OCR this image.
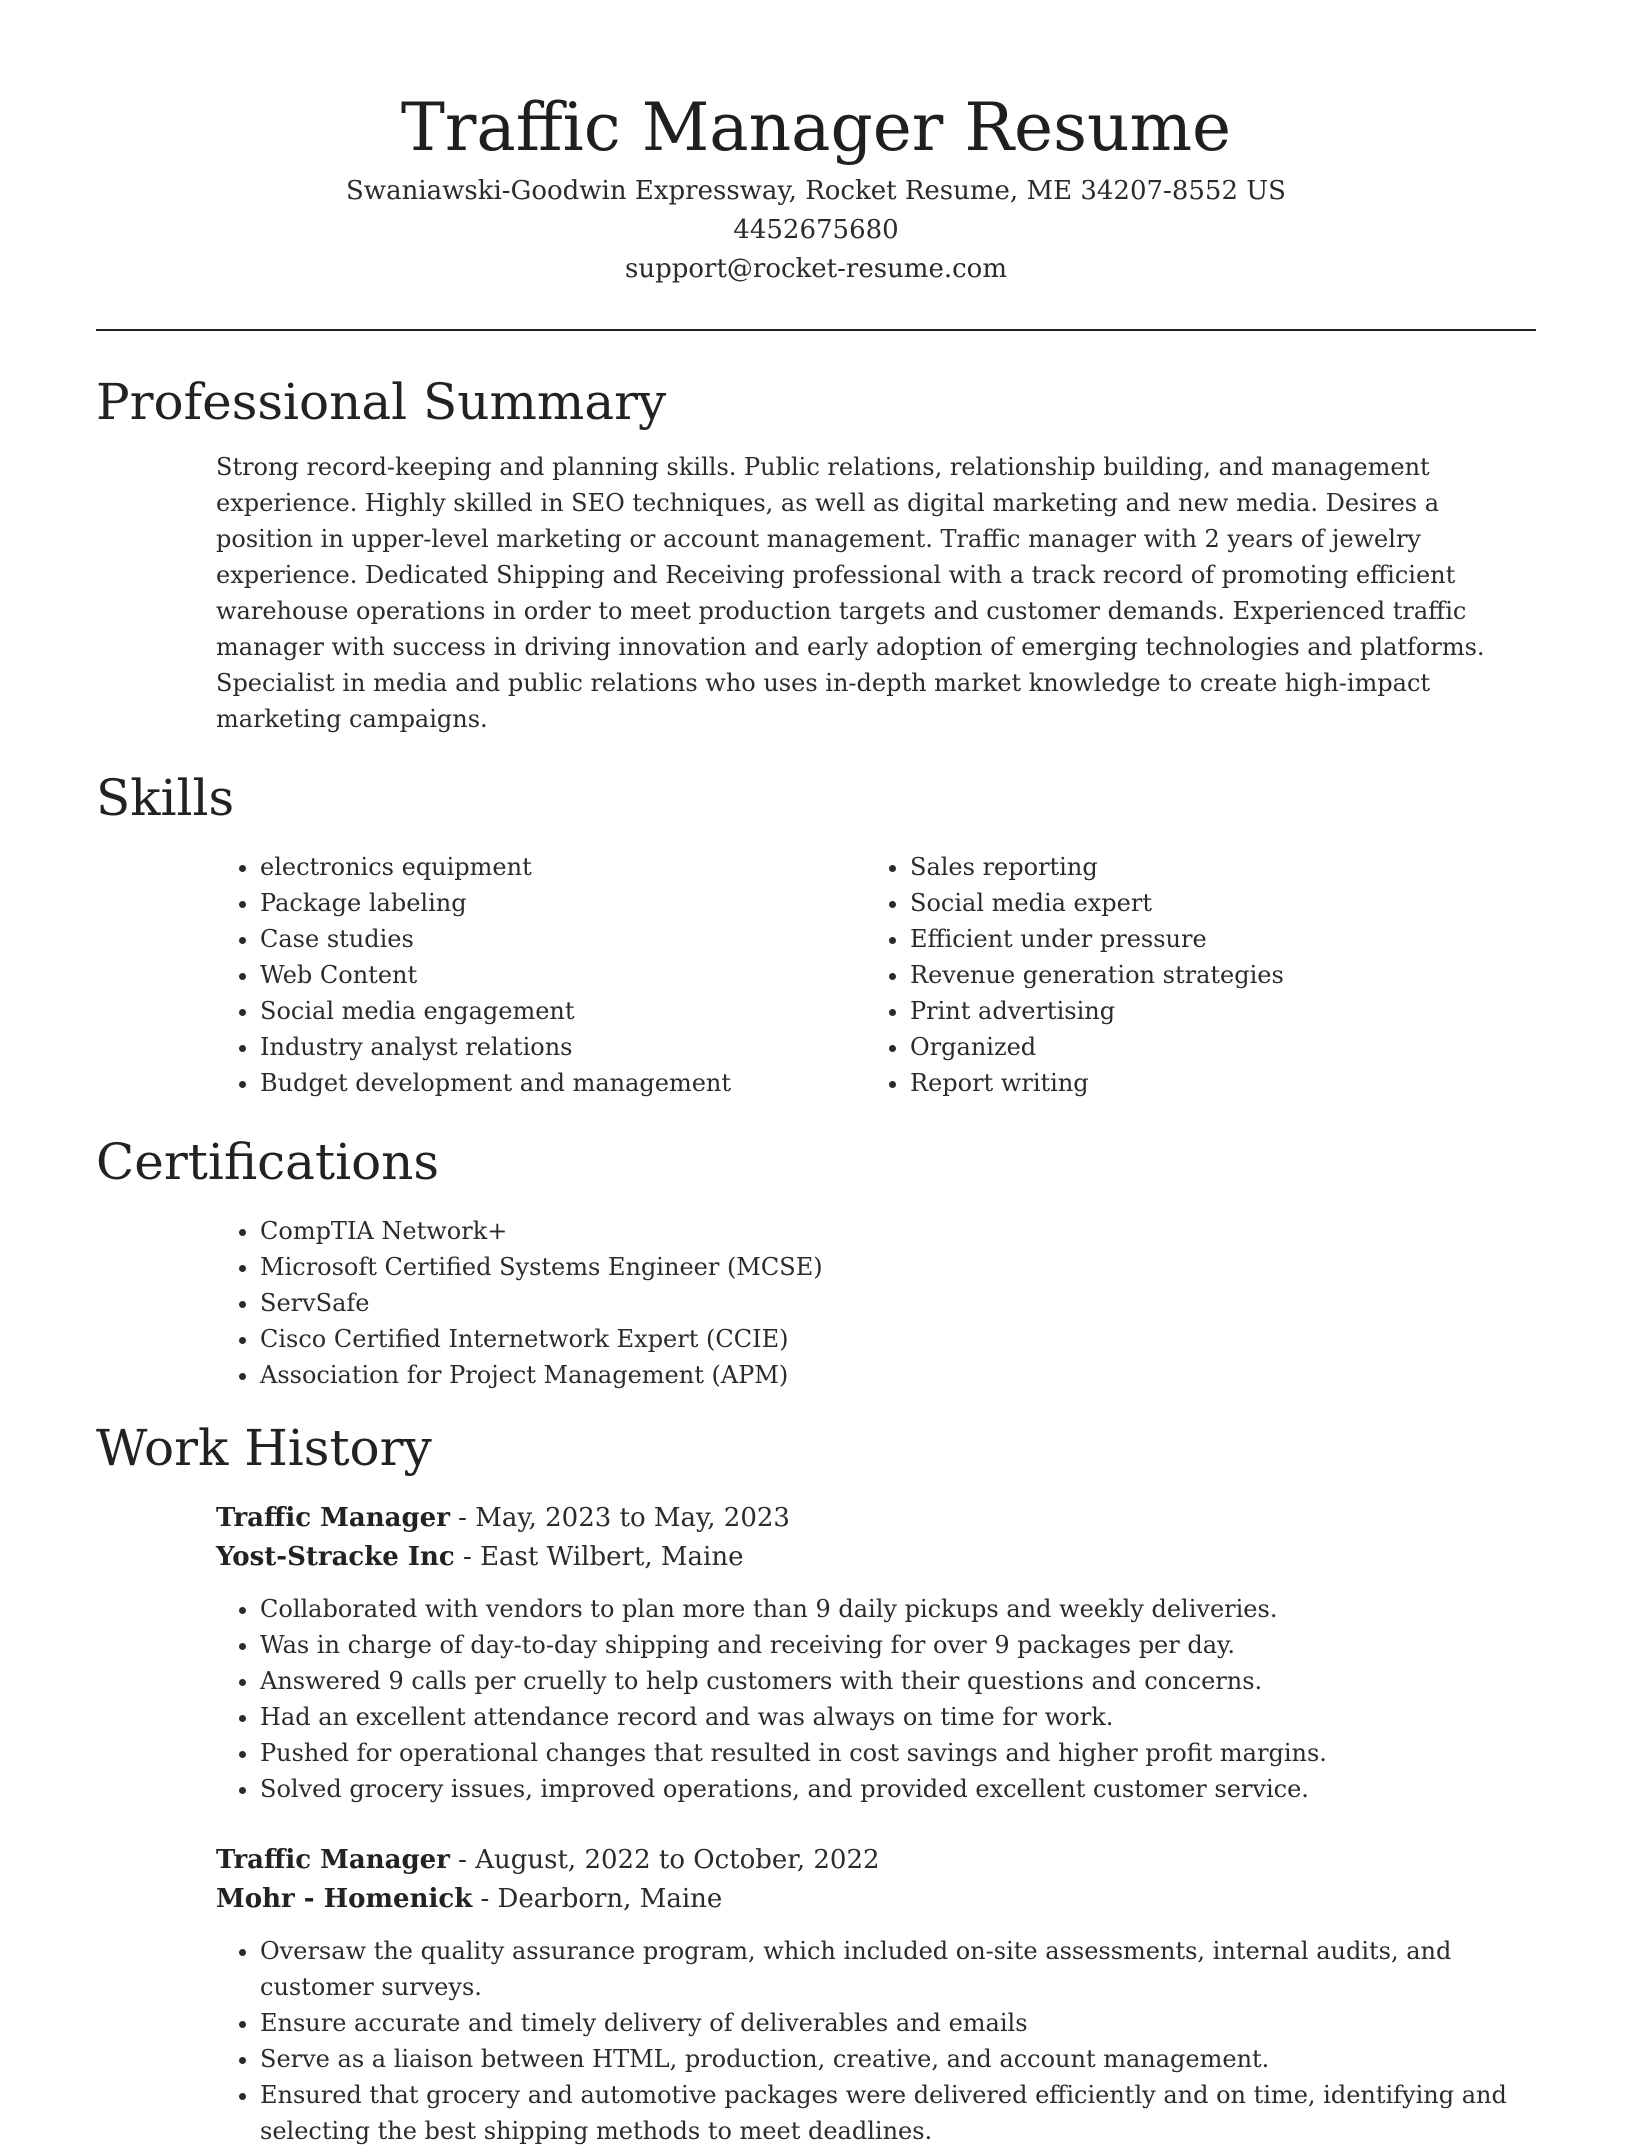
Traffic Manager Resume
Swaniawski-Goodwin Expressway, Rocket Resume, ME 34207-8552 US
4452675680
support@rocket-resume.com
Professional Summary

Strong record-keeping and planning skills. Public relations, relationship building, and management experience. Highly skilled in SEO techniques, as well as digital marketing and new media. Desires a position in upper-level marketing or account management. Traffic manager with 2 years of jewelry experience. Dedicated Shipping and Receiving professional with a track record of promoting efficient warehouse operations in order to meet production targets and customer demands. Experienced traffic manager with success in driving innovation and early adoption of emerging technologies and platforms. Specialist in media and public relations who uses in-depth market knowledge to create high-impact marketing campaigns.

Skills
• electronics equipment
• Package labeling
• Case studies
• Web Content
• Social media engagement
• Industry analyst relations
• Budget development and management
• Sales reporting
• Social media expert
• Efficient under pressure
• Revenue generation strategies
• Print advertising
• Organized
• Report writing
Certifications
• CompTIA Network+
• Microsoft Certified Systems Engineer (MCSE)
• ServSafe
• Cisco Certified Internetwork Expert (CCIE)
• Association for Project Management (APM)
Work History
Traffic Manager - May, 2023 to May, 2023
Yost-Stracke Inc - East Wilbert, Maine
• Collaborated with vendors to plan more than 9 daily pickups and weekly deliveries.
• Was in charge of day-to-day shipping and receiving for over 9 packages per day.
• Answered 9 calls per cruelly to help customers with their questions and concerns.
• Had an excellent attendance record and was always on time for work.
• Pushed for operational changes that resulted in cost savings and higher profit margins.
• Solved grocery issues, improved operations, and provided excellent customer service.
Traffic Manager - August, 2022 to October, 2022
Mohr - Homenick - Dearborn, Maine
• Oversaw the quality assurance program, which included on-site assessments, internal audits, and customer surveys.
• Ensure accurate and timely delivery of deliverables and emails
• Serve as a liaison between HTML, production, creative, and account management.
• Ensured that grocery and automotive packages were delivered efficiently and on time, identifying and selecting the best shipping methods to meet deadlines.
